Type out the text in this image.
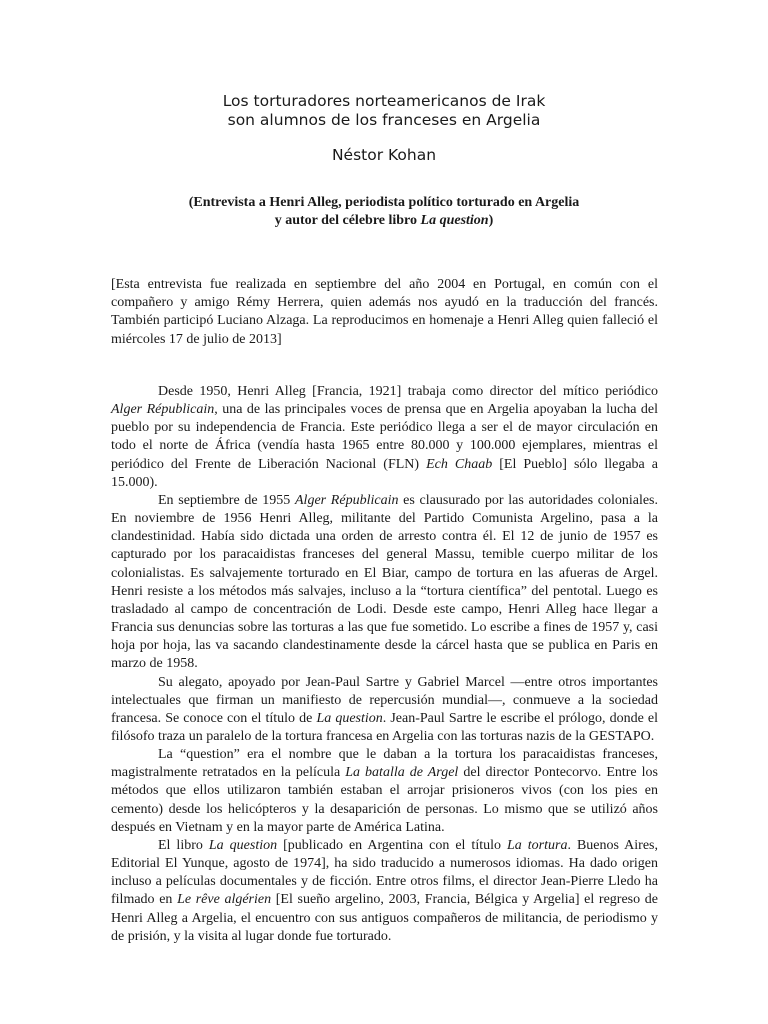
Los torturadores norteamericanos de Irak
son alumnos de los franceses en Argelia
Néstor Kohan
(Entrevista a Henri Alleg, periodista político torturado en Argelia
y autor del célebre libro La question)
[Esta entrevista fue realizada en septiembre del año 2004 en Portugal, en común con el compañero y amigo Rémy Herrera, quien además nos ayudó en la traducción del francés. También participó Luciano Alzaga. La reproducimos en homenaje a Henri Alleg quien falleció el miércoles 17 de julio de 2013]

Desde 1950, Henri Alleg [Francia, 1921] trabaja como director del mítico periódico Alger Républicain, una de las principales voces de prensa que en Argelia apoyaban la lucha del pueblo por su independencia de Francia. Este periódico llega a ser el de mayor circulación en todo el norte de África (vendía hasta 1965 entre 80.000 y 100.000 ejemplares, mientras el periódico del Frente de Liberación Nacional (FLN) Ech Chaab [El Pueblo] sólo llegaba a 15.000).

En septiembre de 1955 Alger Républicain es clausurado por las autoridades coloniales. En noviembre de 1956 Henri Alleg, militante del Partido Comunista Argelino, pasa a la clandestinidad. Había sido dictada una orden de arresto contra él. El 12 de junio de 1957 es capturado por los paracaidistas franceses del general Massu, temible cuerpo militar de los colonialistas. Es salvajemente torturado en El Biar, campo de tortura en las afueras de Argel. Henri resiste a los métodos más salvajes, incluso a la “tortura científica” del pentotal. Luego es trasladado al campo de concentración de Lodi. Desde este campo, Henri Alleg hace llegar a Francia sus denuncias sobre las torturas a las que fue sometido. Lo escribe a fines de 1957 y, casi hoja por hoja, las va sacando clandestinamente desde la cárcel hasta que se publica en Paris en marzo de 1958.

Su alegato, apoyado por Jean-Paul Sartre y Gabriel Marcel —entre otros importantes intelectuales que firman un manifiesto de repercusión mundial—, conmueve a la sociedad francesa. Se conoce con el título de La question. Jean-Paul Sartre le escribe el prólogo, donde el filósofo traza un paralelo de la tortura francesa en Argelia con las torturas nazis de la GESTAPO.

La “question” era el nombre que le daban a la tortura los paracaidistas franceses, magistralmente retratados en la película La batalla de Argel del director Pontecorvo. Entre los métodos que ellos utilizaron también estaban el arrojar prisioneros vivos (con los pies en cemento) desde los helicópteros y la desaparición de personas. Lo mismo que se utilizó años después en Vietnam y en la mayor parte de América Latina.

El libro La question [publicado en Argentina con el título La tortura. Buenos Aires, Editorial El Yunque, agosto de 1974], ha sido traducido a numerosos idiomas. Ha dado origen incluso a películas documentales y de ficción. Entre otros films, el director Jean-Pierre Lledo ha filmado en Le rêve algérien [El sueño argelino, 2003, Francia, Bélgica y Argelia] el regreso de Henri Alleg a Argelia, el encuentro con sus antiguos compañeros de militancia, de periodismo y de prisión, y la visita al lugar donde fue torturado.
